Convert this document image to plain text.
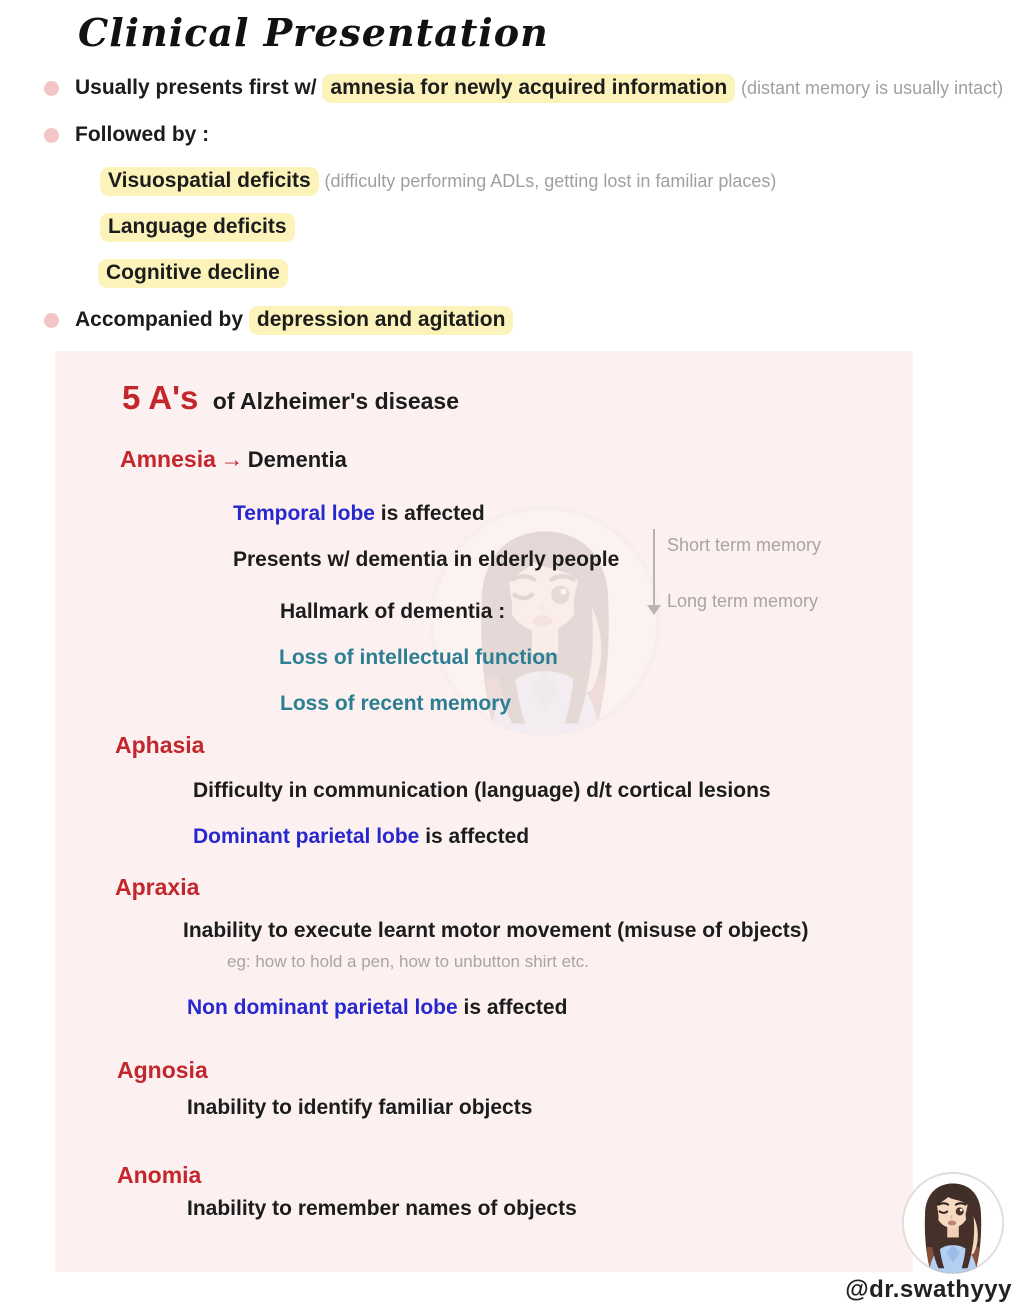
Clinical Presentation
Usually presents first w/ amnesia for newly acquired information (distant memory is usually intact)
Followed by :
Visuospatial deficits (difficulty performing ADLs, getting lost in familiar places)
Language deficits
Cognitive decline
Accompanied by depression and agitation
5 A's of Alzheimer's disease
Amnesia → Dementia
Temporal lobe is affected
Presents w/ dementia in elderly people
Short term memory
Long term memory
Hallmark of dementia :
Loss of intellectual function
Loss of recent memory
Aphasia
Difficulty in communication (language) d/t cortical lesions
Dominant parietal lobe is affected
Apraxia
Inability to execute learnt motor movement (misuse of objects)
eg: how to hold a pen, how to unbutton shirt etc.
Non dominant parietal lobe is affected
Agnosia
Inability to identify familiar objects
Anomia
Inability to remember names of objects
@dr.swathyyy
